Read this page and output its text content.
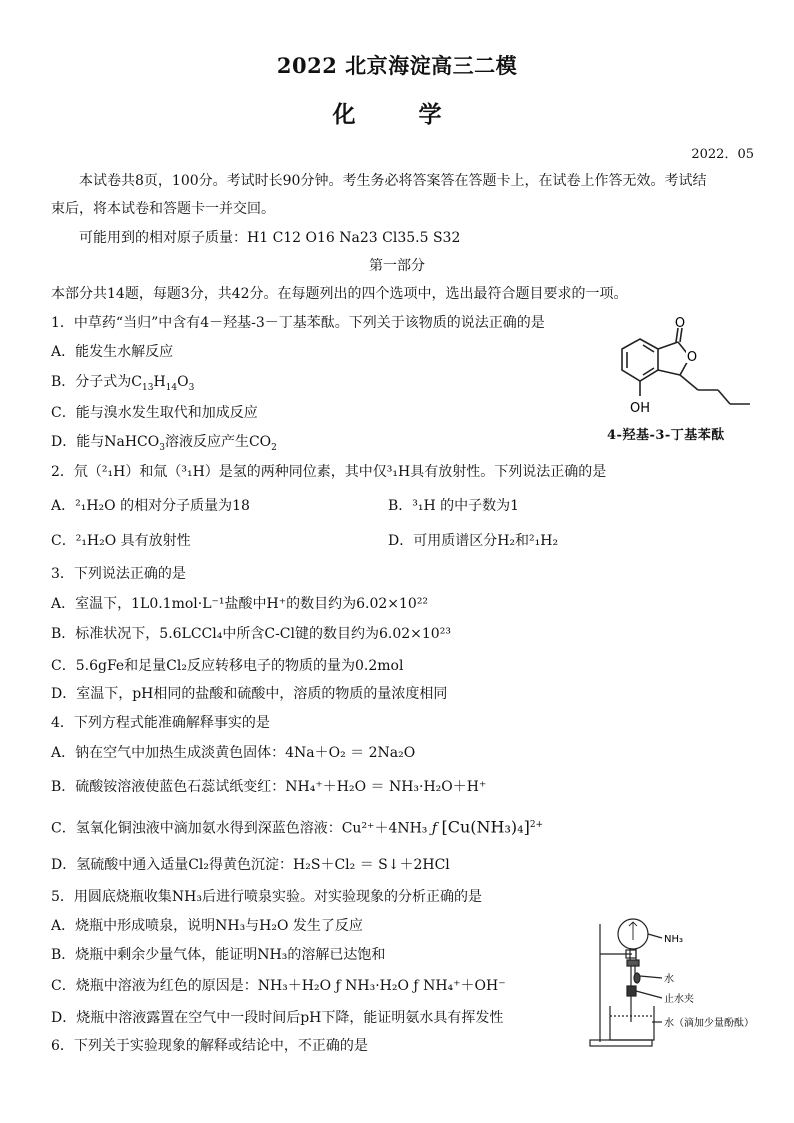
2022 北京海淀高三二模
化　学
2022．05
本试卷共8页，100分。考试时长90分钟。考生务必将答案答在答题卡上，在试卷上作答无效。考试结
束后，将本试卷和答题卡一并交回。
可能用到的相对原子质量：H1 C12 O16 Na23 Cl35.5 S32
第一部分
本部分共14题，每题3分，共42分。在每题列出的四个选项中，选出最符合题目要求的一项。
1．中草药“当归”中含有4－羟基-3－丁基苯酞。下列关于该物质的说法正确的是
A．能发生水解反应
B．分子式为$C_{13}H_{14}O_3$
C．能与溴水发生取代和加成反应
D．能与NaHCO$_3$溶液反应产生$CO_2$
O
O
OH
4-羟基-3-丁基苯酞
2．氘（²₁H）和氚（³₁H）是氢的两种同位素，其中仅³₁H具有放射性。下列说法正确的是
A．²₁H₂O 的相对分子质量为18	B．³₁H 的中子数为1
C．²₁H₂O 具有放射性	D．可用质谱区分H₂和²₁H₂
3．下列说法正确的是
A．室温下，1L0.1mol·L⁻¹盐酸中H⁺的数目约为6.02×10²²
B．标准状况下，5.6LCCl₄中所含C-Cl键的数目约为6.02×10²³
C．5.6gFe和足量Cl₂反应转移电子的物质的量为0.2mol
D．室温下，pH相同的盐酸和硫酸中，溶质的物质的量浓度相同
4．下列方程式能准确解释事实的是
A．钠在空气中加热生成淡黄色固体：4Na＋O₂ ＝ 2Na₂O
B．硫酸铵溶液使蓝色石蕊试纸变红：NH₄⁺＋H₂O ＝ NH₃·H₂O＋H⁺
C．氢氧化铜浊液中滴加氨水得到深蓝色溶液：Cu²⁺＋4NH₃ ƒ $[Cu(NH_3)_4]^{2+}$
D．氢硫酸中通入适量Cl₂得黄色沉淀：H₂S＋Cl₂ ＝ S↓＋2HCl
5．用圆底烧瓶收集NH₃后进行喷泉实验。对实验现象的分析正确的是
A．烧瓶中形成喷泉，说明NH₃与H₂O 发生了反应
B．烧瓶中剩余少量气体，能证明NH₃的溶解已达饱和
C．烧瓶中溶液为红色的原因是：NH₃＋H₂O ƒ NH₃·H₂O ƒ NH₄⁺＋OH⁻
D．烧瓶中溶液露置在空气中一段时间后pH下降，能证明氨水具有挥发性
NH₃
水
止水夹
水（滴加少量酚酞）
6．下列关于实验现象的解释或结论中，不正确的是
